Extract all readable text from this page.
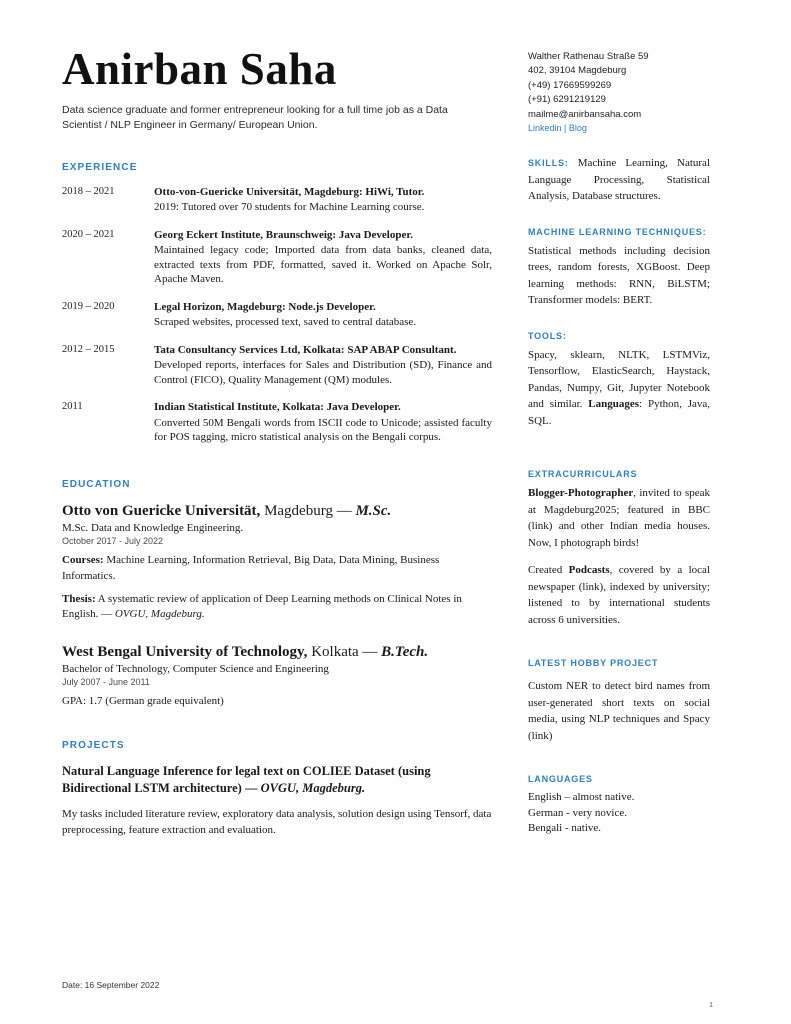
Anirban Saha
Data science graduate and former entrepreneur looking for a full time job as a Data Scientist / NLP Engineer in Germany/ European Union.
EXPERIENCE
2018 – 2021	Otto-von-Guericke Universität, Magdeburg: HiWi, Tutor.
2019: Tutored over 70 students for Machine Learning course.
2020 – 2021	Georg Eckert Institute, Braunschweig: Java Developer.
Maintained legacy code; Imported data from data banks, cleaned data, extracted texts from PDF, formatted, saved it. Worked on Apache Solr, Apache Maven.
2019 – 2020	Legal Horizon, Magdeburg: Node.js Developer.
Scraped websites, processed text, saved to central database.
2012 – 2015	Tata Consultancy Services Ltd, Kolkata: SAP ABAP Consultant.
Developed reports, interfaces for Sales and Distribution (SD), Finance and Control (FICO), Quality Management (QM) modules.
2011	Indian Statistical Institute, Kolkata: Java Developer.
Converted 50M Bengali words from ISCII code to Unicode; assisted faculty for POS tagging, micro statistical analysis on the Bengali corpus.
EDUCATION
Otto von Guericke Universität, Magdeburg — M.Sc.
M.Sc. Data and Knowledge Engineering.
October 2017 - July 2022
Courses: Machine Learning, Information Retrieval, Big Data, Data Mining, Business Informatics.
Thesis: A systematic review of application of Deep Learning methods on Clinical Notes in English. — OVGU, Magdeburg.
West Bengal University of Technology, Kolkata — B.Tech.
Bachelor of Technology, Computer Science and Engineering
July 2007 - June 2011
GPA: 1.7 (German grade equivalent)
PROJECTS
Natural Language Inference for legal text on COLIEE Dataset (using Bidirectional LSTM architecture) — OVGU, Magdeburg.
My tasks included literature review, exploratory data analysis, solution design using Tensorf, data preprocessing, feature extraction and evaluation.
Walther Rathenau Straße 59
402, 39104 Magdeburg
(+49) 17669599269
(+91) 6291219129
mailme@anirbansaha.com
Linkedin | Blog
SKILLS: Machine Learning, Natural Language Processing, Statistical Analysis, Database structures.
MACHINE LEARNING TECHNIQUES:
Statistical methods including decision trees, random forests, XGBoost. Deep learning methods: RNN, BiLSTM; Transformer models: BERT.
TOOLS:
Spacy, sklearn, NLTK, LSTMViz, Tensorflow, ElasticSearch, Haystack, Pandas, Numpy, Git, Jupyter Notebook and similar. Languages: Python, Java, SQL.
EXTRACURRICULARS
Blogger-Photographer, invited to speak at Magdeburg2025; featured in BBC (link) and other Indian media houses. Now, I photograph birds!
Created Podcasts, covered by a local newspaper (link), indexed by university; listened to by international students across 6 universities.
LATEST HOBBY PROJECT
Custom NER to detect bird names from user-generated short texts on social media, using NLP techniques and Spacy (link)
LANGUAGES
English – almost native.
German - very novice.
Bengali - native.
Date: 16 September 2022
1
